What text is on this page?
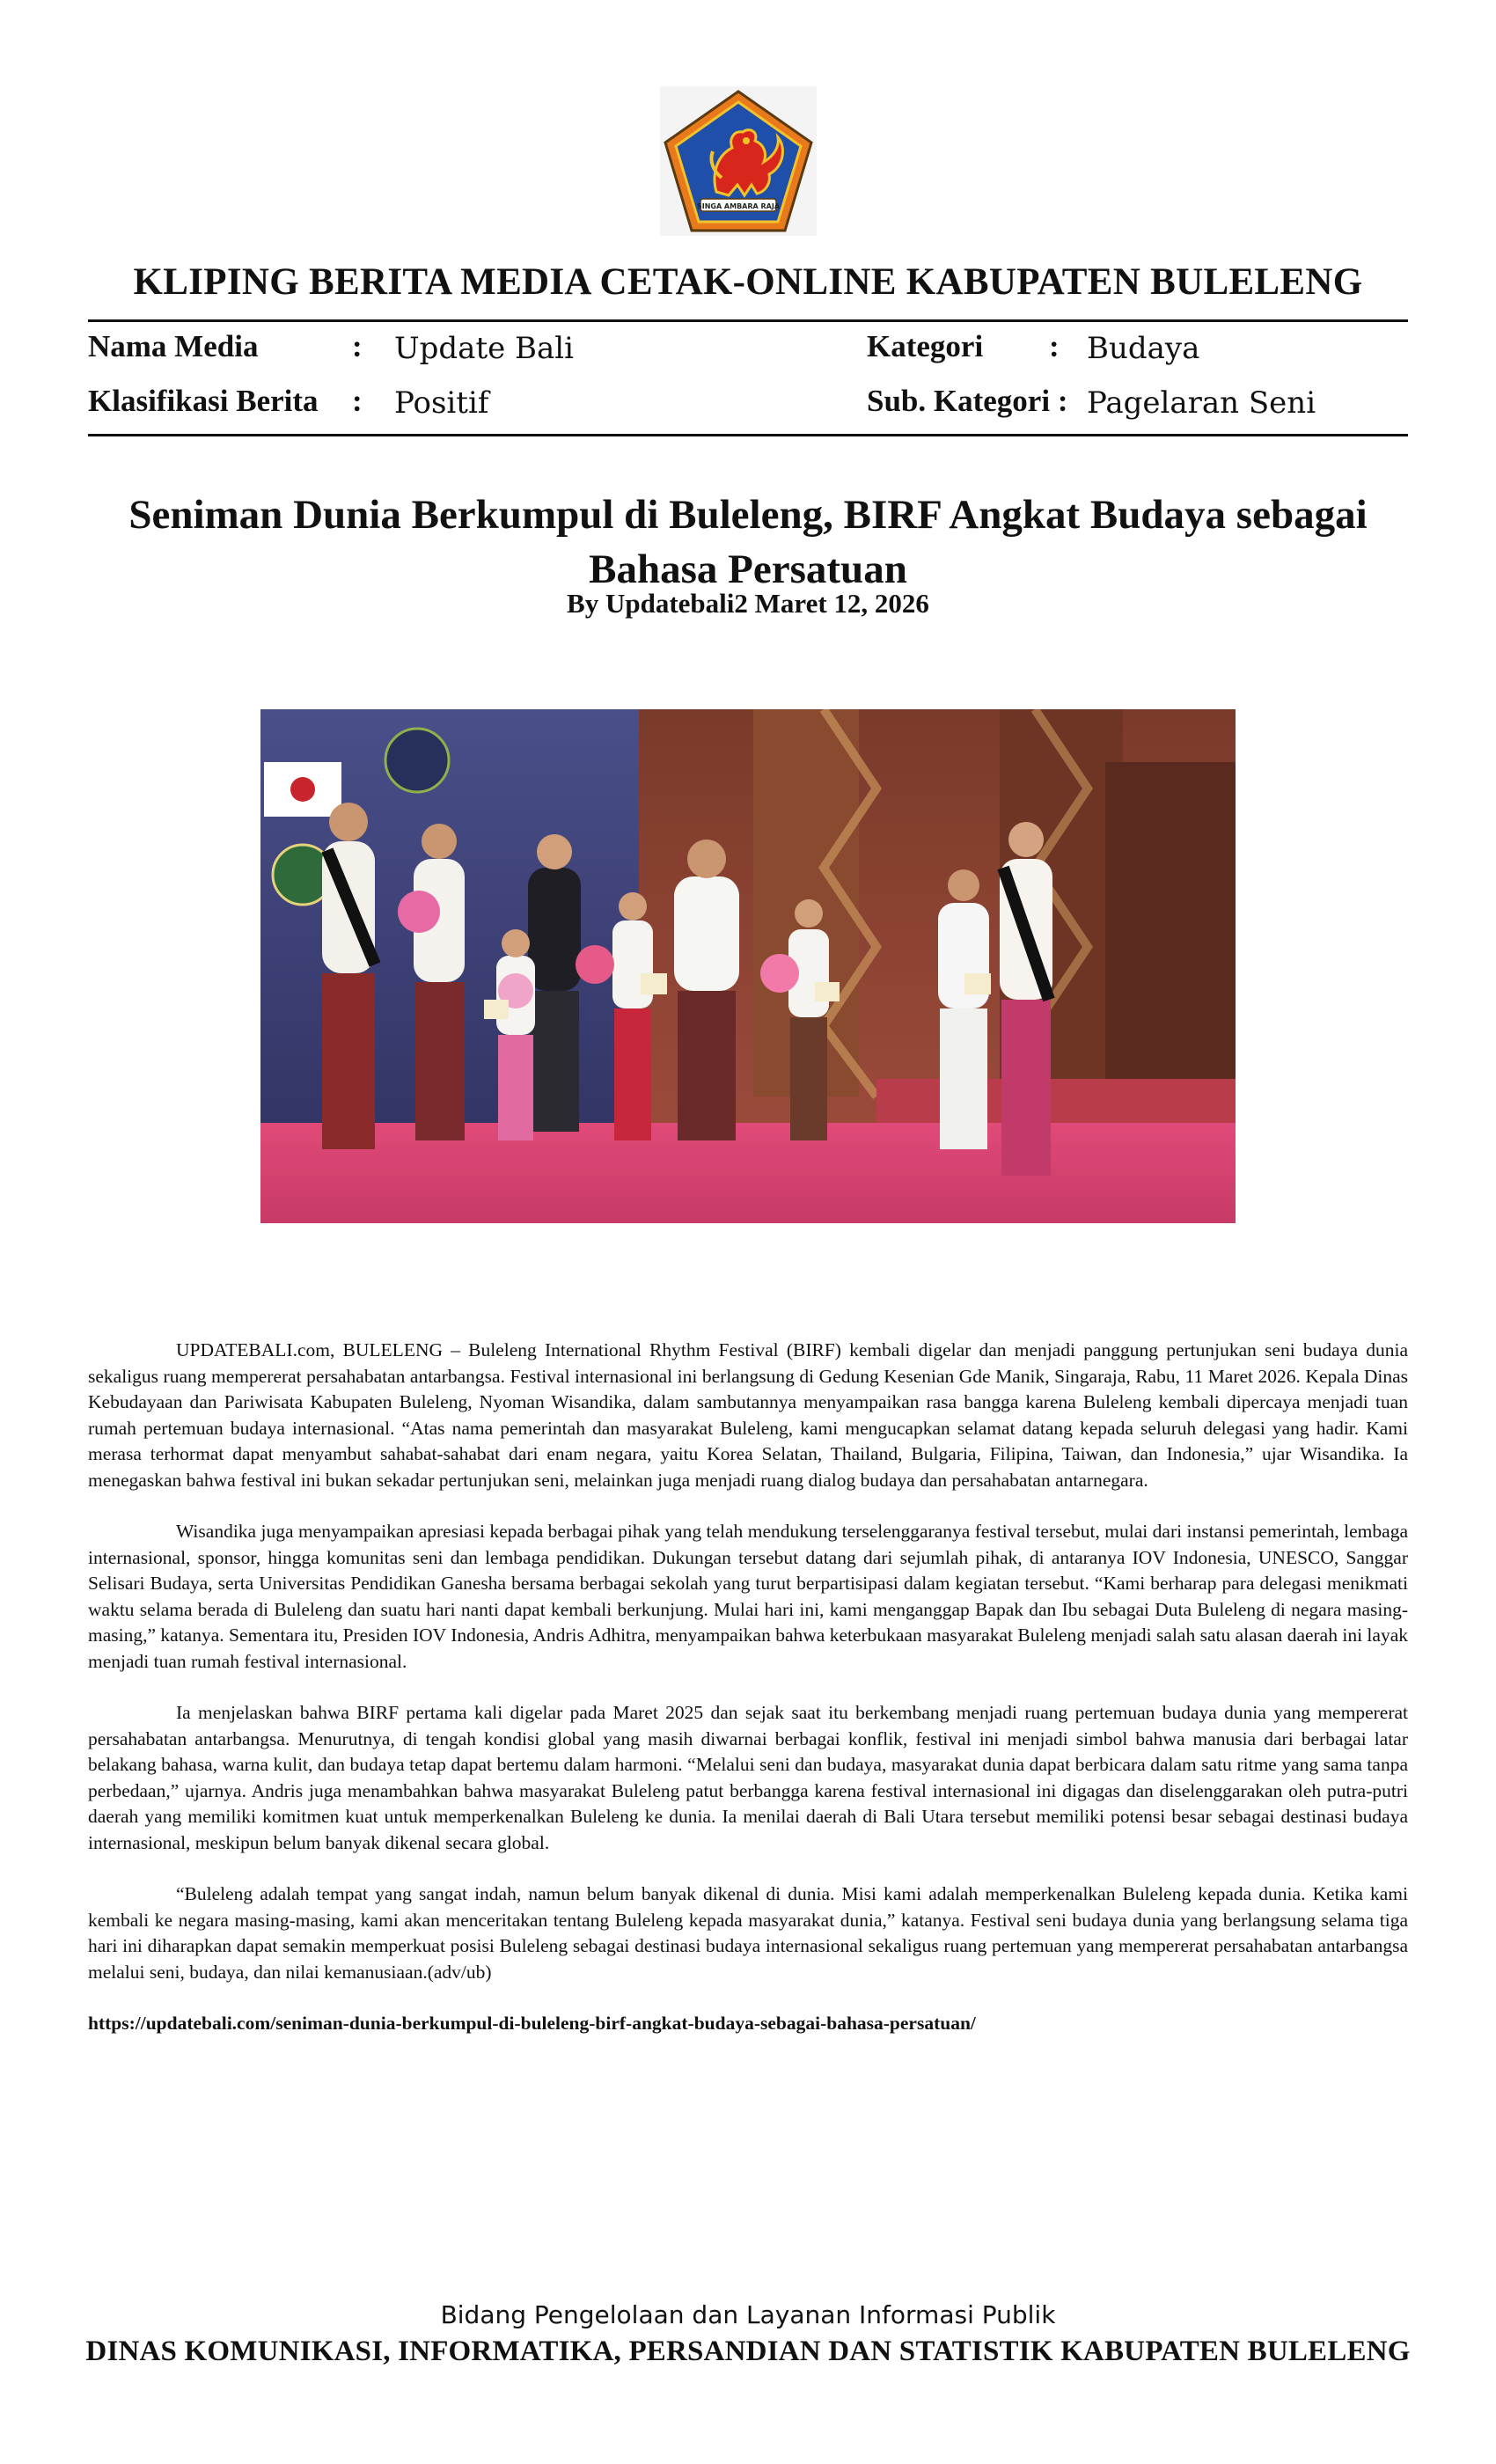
SINGA AMBARA RAJA
KLIPING BERITA MEDIA CETAK-ONLINE KABUPATEN BULELENG
Nama Media	: Update Bali	Kategori : Budaya
Klasifikasi Berita : Positif	Sub. Kategori : Pagelaran Seni
Seniman Dunia Berkumpul di Buleleng, BIRF Angkat Budaya sebagai
Bahasa Persatuan
By Updatebali2 Maret 12, 2026

UPDATEBALI.com, BULELENG – Buleleng International Rhythm Festival (BIRF) kembali digelar dan menjadi panggung pertunjukan seni budaya dunia sekaligus ruang mempererat persahabatan antarbangsa. Festival internasional ini berlangsung di Gedung Kesenian Gde Manik, Singaraja, Rabu, 11 Maret 2026. Kepala Dinas Kebudayaan dan Pariwisata Kabupaten Buleleng, Nyoman Wisandika, dalam sambutannya menyampaikan rasa bangga karena Buleleng kembali dipercaya menjadi tuan rumah pertemuan budaya internasional. “Atas nama pemerintah dan masyarakat Buleleng, kami mengucapkan selamat datang kepada seluruh delegasi yang hadir. Kami merasa terhormat dapat menyambut sahabat-sahabat dari enam negara, yaitu Korea Selatan, Thailand, Bulgaria, Filipina, Taiwan, dan Indonesia,” ujar Wisandika. Ia menegaskan bahwa festival ini bukan sekadar pertunjukan seni, melainkan juga menjadi ruang dialog budaya dan persahabatan antarnegara.

Wisandika juga menyampaikan apresiasi kepada berbagai pihak yang telah mendukung terselenggaranya festival tersebut, mulai dari instansi pemerintah, lembaga internasional, sponsor, hingga komunitas seni dan lembaga pendidikan. Dukungan tersebut datang dari sejumlah pihak, di antaranya IOV Indonesia, UNESCO, Sanggar Selisari Budaya, serta Universitas Pendidikan Ganesha bersama berbagai sekolah yang turut berpartisipasi dalam kegiatan tersebut. “Kami berharap para delegasi menikmati waktu selama berada di Buleleng dan suatu hari nanti dapat kembali berkunjung. Mulai hari ini, kami menganggap Bapak dan Ibu sebagai Duta Buleleng di negara masing-masing,” katanya. Sementara itu, Presiden IOV Indonesia, Andris Adhitra, menyampaikan bahwa keterbukaan masyarakat Buleleng menjadi salah satu alasan daerah ini layak menjadi tuan rumah festival internasional.

Ia menjelaskan bahwa BIRF pertama kali digelar pada Maret 2025 dan sejak saat itu berkembang menjadi ruang pertemuan budaya dunia yang mempererat persahabatan antarbangsa. Menurutnya, di tengah kondisi global yang masih diwarnai berbagai konflik, festival ini menjadi simbol bahwa manusia dari berbagai latar belakang bahasa, warna kulit, dan budaya tetap dapat bertemu dalam harmoni. “Melalui seni dan budaya, masyarakat dunia dapat berbicara dalam satu ritme yang sama tanpa perbedaan,” ujarnya. Andris juga menambahkan bahwa masyarakat Buleleng patut berbangga karena festival internasional ini digagas dan diselenggarakan oleh putra-putri daerah yang memiliki komitmen kuat untuk memperkenalkan Buleleng ke dunia. Ia menilai daerah di Bali Utara tersebut memiliki potensi besar sebagai destinasi budaya internasional, meskipun belum banyak dikenal secara global.

“Buleleng adalah tempat yang sangat indah, namun belum banyak dikenal di dunia. Misi kami adalah memperkenalkan Buleleng kepada dunia. Ketika kami kembali ke negara masing-masing, kami akan menceritakan tentang Buleleng kepada masyarakat dunia,” katanya. Festival seni budaya dunia yang berlangsung selama tiga hari ini diharapkan dapat semakin memperkuat posisi Buleleng sebagai destinasi budaya internasional sekaligus ruang pertemuan yang mempererat persahabatan antarbangsa melalui seni, budaya, dan nilai kemanusiaan.(adv/ub)

https://updatebali.com/seniman-dunia-berkumpul-di-buleleng-birf-angkat-budaya-sebagai-bahasa-persatuan/

Bidang Pengelolaan dan Layanan Informasi Publik
DINAS KOMUNIKASI, INFORMATIKA, PERSANDIAN DAN STATISTIK KABUPATEN BULELENG
